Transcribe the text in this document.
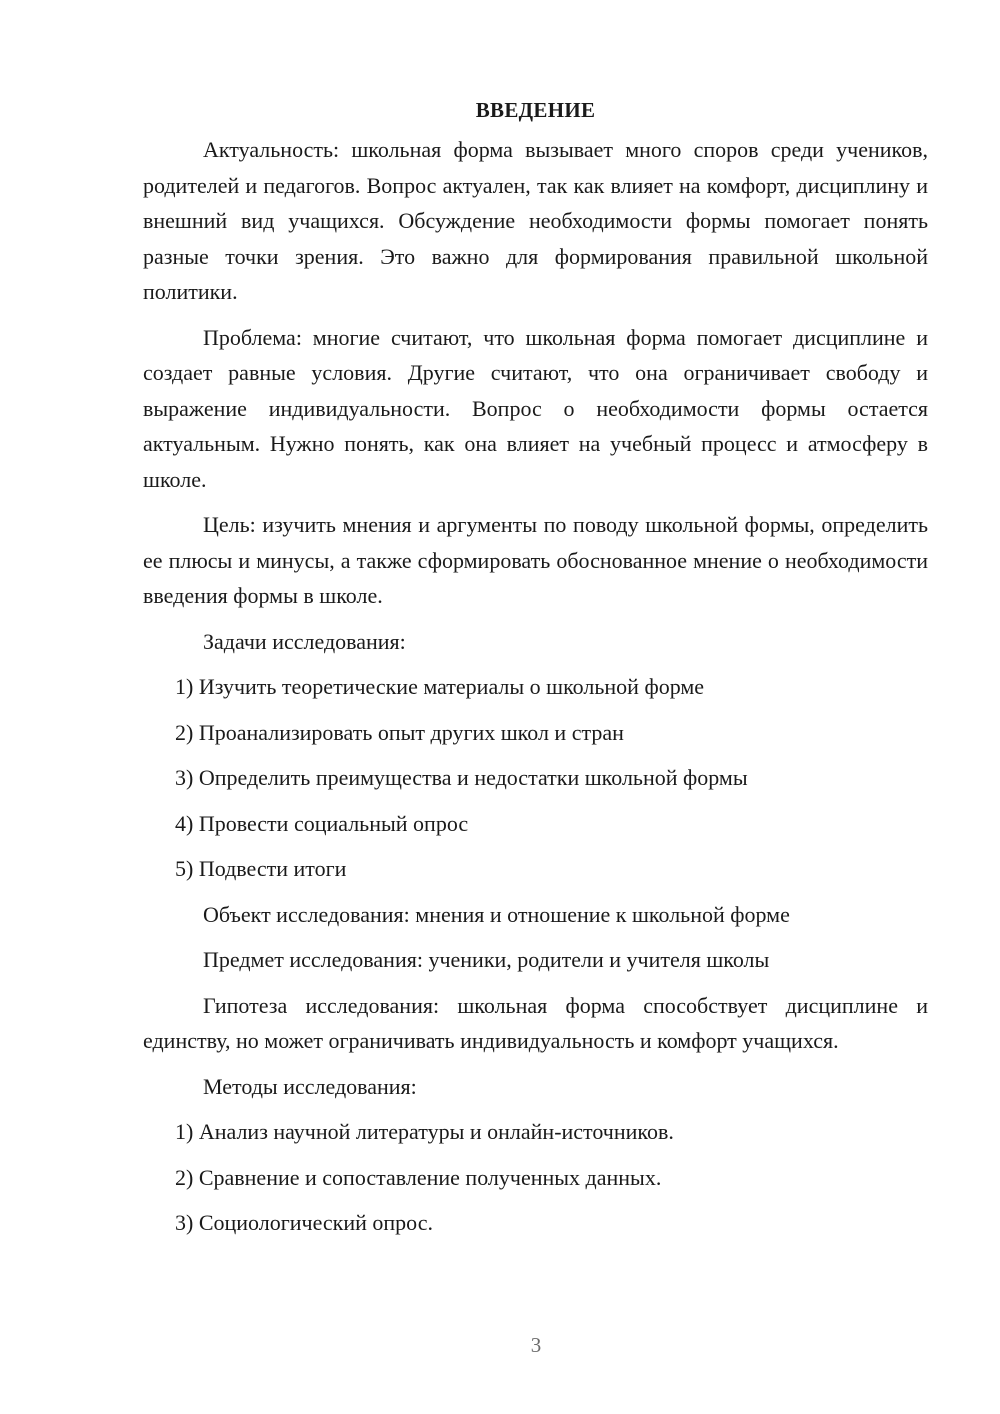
ВВЕДЕНИЕ

Актуальность: школьная форма вызывает много споров среди учеников, родителей и педагогов. Вопрос актуален, так как влияет на комфорт, дисциплину и внешний вид учащихся. Обсуждение необходимости формы помогает понять разные точки зрения. Это важно для формирования правильной школьной политики.

Проблема: многие считают, что школьная форма помогает дисциплине и создает равные условия. Другие считают, что она ограничивает свободу и выражение индивидуальности. Вопрос о необходимости формы остается актуальным. Нужно понять, как она влияет на учебный процесс и атмосферу в школе.

Цель: изучить мнения и аргументы по поводу школьной формы, определить ее плюсы и минусы, а также сформировать обоснованное мнение о необходимости введения формы в школе.

Задачи исследования:

1) Изучить теоретические материалы о школьной форме

2) Проанализировать опыт других школ и стран

3) Определить преимущества и недостатки школьной формы

4) Провести социальный опрос

5) Подвести итоги

Объект исследования: мнения и отношение к школьной форме

Предмет исследования: ученики, родители и учителя школы

Гипотеза исследования: школьная форма способствует дисциплине и единству, но может ограничивать индивидуальность и комфорт учащихся.

Методы исследования:

1) Анализ научной литературы и онлайн-источников.

2) Сравнение и сопоставление полученных данных.

3) Социологический опрос.

3
